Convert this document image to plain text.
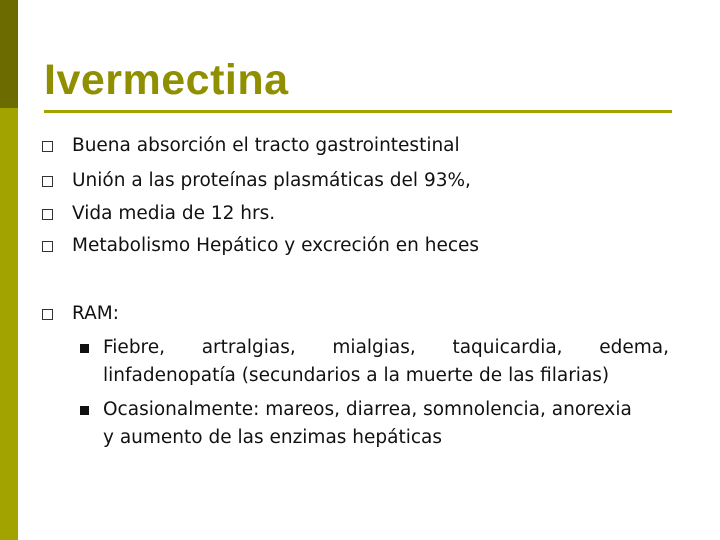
Ivermectina
Buena absorción el tracto gastrointestinal
Unión a las proteínas plasmáticas del 93%,
Vida media de 12 hrs.
Metabolismo Hepático y excreción en heces
RAM:
Fiebre, artralgias, mialgias, taquicardia, edema,
linfadenopatía (secundarios a la muerte de las filarias)
Ocasionalmente: mareos, diarrea, somnolencia, anorexia
y aumento de las enzimas hepáticas
